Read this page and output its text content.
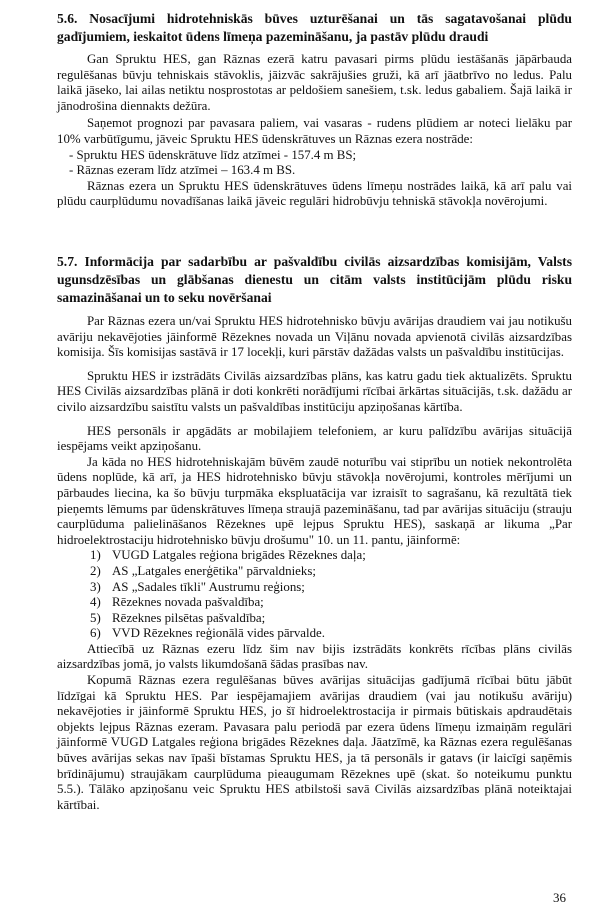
5.6. Nosacījumi hidrotehniskās būves uzturēšanai un tās sagatavošanai plūdu gadījumiem, ieskaitot ūdens līmeņa pazemināšanu, ja pastāv plūdu draudi

Gan Spruktu HES, gan Rāznas ezerā katru pavasari pirms plūdu iestāšanās jāpārbauda regulēšanas būvju tehniskais stāvoklis, jāizvāc sakrājušies gruži, kā arī jāatbrīvo no ledus. Palu laikā jāseko, lai ailas netiktu nosprostotas ar peldošiem sanešiem, t.sk. ledus gabaliem. Šajā laikā ir jānodrošina diennakts dežūra.

Saņemot prognozi par pavasara paliem, vai vasaras - rudens plūdiem ar noteci lielāku par 10% varbūtīgumu, jāveic Spruktu HES ūdenskrātuves un Rāznas ezera nostrāde:

- Spruktu HES ūdenskrātuve līdz atzīmei - 157.4 m BS;

- Rāznas ezeram līdz atzīmei – 163.4 m BS.

Rāznas ezera un Spruktu HES ūdenskrātuves ūdens līmeņu nostrādes laikā, kā arī palu vai plūdu caurplūdumu novadīšanas laikā jāveic regulāri hidrobūvju tehniskā stāvokļa novērojumi.

5.7. Informācija par sadarbību ar pašvaldību civilās aizsardzības komisijām, Valsts ugunsdzēsības un glābšanas dienestu un citām valsts institūcijām plūdu risku samazināšanai un to seku novēršanai

Par Rāznas ezera un/vai Spruktu HES hidrotehnisko būvju avārijas draudiem vai jau notikušu avāriju nekavējoties jāinformē Rēzeknes novada un Viļānu novada apvienotā civilās aizsardzības komisija. Šīs komisijas sastāvā ir 17 locekļi, kuri pārstāv dažādas valsts un pašvaldību institūcijas.

Spruktu HES ir izstrādāts Civilās aizsardzības plāns, kas katru gadu tiek aktualizēts. Spruktu HES Civilās aizsardzības plānā ir doti konkrēti norādījumi rīcībai ārkārtas situācijās, t.sk. dažādu ar civilo aizsardzību saistītu valsts un pašvaldības institūciju apziņošanas kārtība.

HES personāls ir apgādāts ar mobilajiem telefoniem, ar kuru palīdzību avārijas situācijā iespējams veikt apziņošanu.

Ja kāda no HES hidrotehniskajām būvēm zaudē noturību vai stiprību un notiek nekontrolēta ūdens noplūde, kā arī, ja HES hidrotehnisko būvju stāvokļa novērojumi, kontroles mērījumi un pārbaudes liecina, ka šo būvju turpmāka ekspluatācija var izraisīt to sagrašanu, kā rezultātā tiek pieņemts lēmums par ūdenskrātuves līmeņa straujā pazemināšanu, tad par avārijas situāciju (strauju caurplūduma palielināšanos Rēzeknes upē lejpus Spruktu HES), saskaņā ar likuma „Par hidroelektrostaciju hidrotehnisko būvju drošumu" 10. un 11. pantu, jāinformē:

1) VUGD Latgales reģiona brigādes Rēzeknes daļa;

2) AS „Latgales enerģētika" pārvaldnieks;

3) AS „Sadales tīkli" Austrumu reģions;

4) Rēzeknes novada pašvaldība;

5) Rēzeknes pilsētas pašvaldība;

6) VVD Rēzeknes reģionālā vides pārvalde.

Attiecībā uz Rāznas ezeru līdz šim nav bijis izstrādāts konkrēts rīcības plāns civilās aizsardzības jomā, jo valsts likumdošanā šādas prasības nav.

Kopumā Rāznas ezera regulēšanas būves avārijas situācijas gadījumā rīcībai būtu jābūt līdzīgai kā Spruktu HES. Par iespējamajiem avārijas draudiem (vai jau notikušu avāriju) nekavējoties ir jāinformē Spruktu HES, jo šī hidroelektrostacija ir pirmais būtiskais apdraudētais objekts lejpus Rāznas ezeram. Pavasara palu periodā par ezera ūdens līmeņu izmaiņām regulāri jāinformē VUGD Latgales reģiona brigādes Rēzeknes daļa. Jāatzīmē, ka Rāznas ezera regulēšanas būves avārijas sekas nav īpaši bīstamas Spruktu HES, ja tā personāls ir gatavs (ir laicīgi saņēmis brīdinājumu) straujākam caurplūduma pieaugumam Rēzeknes upē (skat. šo noteikumu punktu 5.5.). Tālāko apziņošanu veic Spruktu HES atbilstoši savā Civilās aizsardzības plānā noteiktajai kārtībai.

36
